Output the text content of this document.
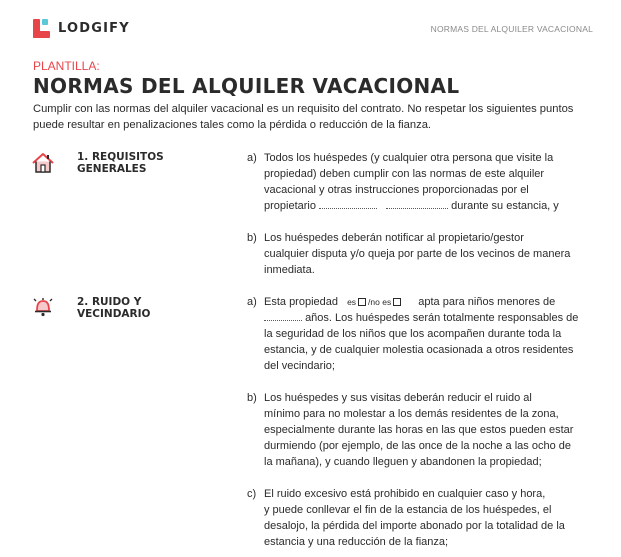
LODGIFY	NORMAS DEL ALQUILER VACACIONAL
PLANTILLA:
NORMAS DEL ALQUILER VACACIONAL
Cumplir con las normas del alquiler vacacional es un requisito del contrato. No respetar los siguientes puntos puede resultar en penalizaciones tales como la pérdida o reducción de la fianza.
1. REQUISITOS
GENERALES
a) Todos los huéspedes (y cualquier otra persona que visite la
propiedad) deben cumplir con las normas de este alquiler
vacacional y otras instrucciones proporcionadas por el
propietario	durante su estancia, y
b) Los huéspedes deberán notificar al propietario/gestor
cualquier disputa y/o queja por parte de los vecinos de manera
inmediata.
2. RUIDO Y
VECINDARIO
a) Esta propiedad es /no es apta para niños menores de
años. Los huéspedes serán totalmente responsables de
la seguridad de los niños que los acompañen durante toda la
estancia, y de cualquier molestia ocasionada a otros residentes
del vecindario;
b) Los huéspedes y sus visitas deberán reducir el ruido al
mínimo para no molestar a los demás residentes de la zona,
especialmente durante las horas en las que estos pueden estar
durmiendo (por ejemplo, de las once de la noche a las ocho de
la mañana), y cuando lleguen y abandonen la propiedad;
c) El ruido excesivo está prohibido en cualquier caso y hora,
y puede conllevar el fin de la estancia de los huéspedes, el
desalojo, la pérdida del importe abonado por la totalidad de la
estancia y una reducción de la fianza;
